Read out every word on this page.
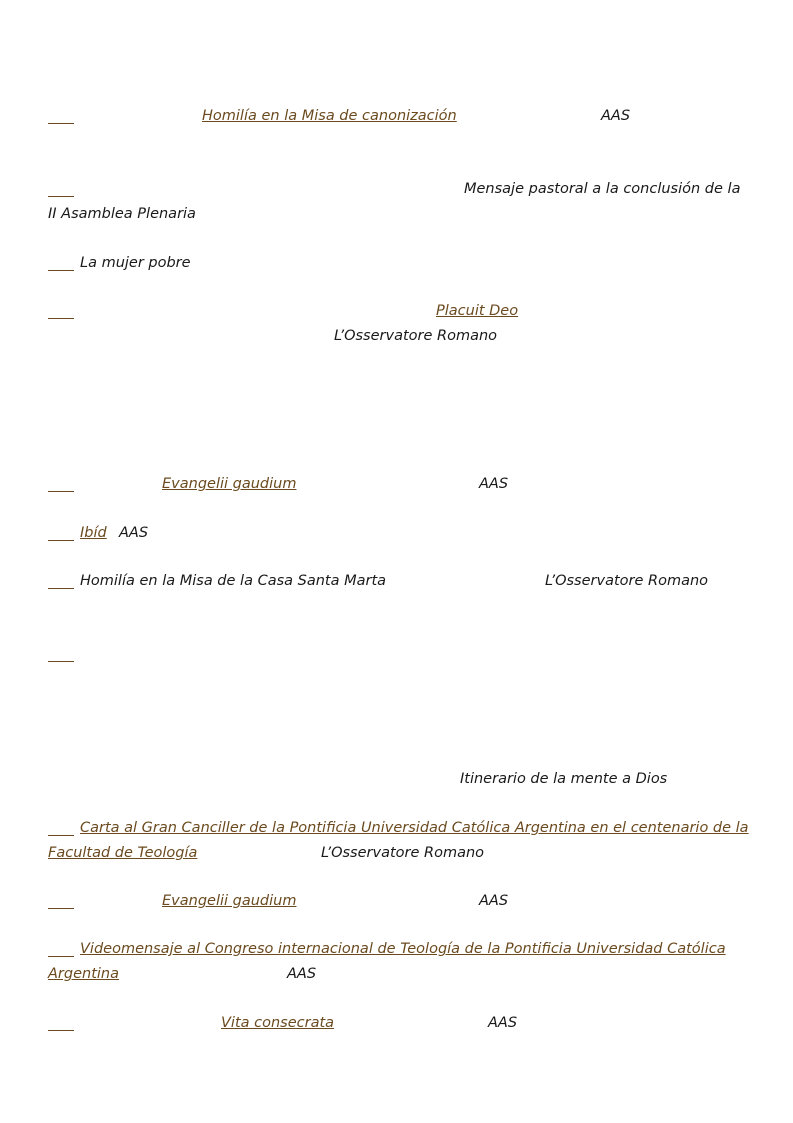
Homilía en la Misa de canonización	AAS
Mensaje pastoral a la conclusión de la
II Asamblea Plenaria
La mujer pobre
Placuit Deo
L’Osservatore Romano
Evangelii gaudium	AAS
Ibíd AAS
Homilía en la Misa de la Casa Santa Marta	L’Osservatore Romano
Itinerario de la mente a Dios
Carta al Gran Canciller de la Pontificia Universidad Católica Argentina en el centenario de la
Facultad de Teología	L’Osservatore Romano
Evangelii gaudium	AAS
Videomensaje al Congreso internacional de Teología de la Pontificia Universidad Católica
Argentina	AAS
Vita consecrata	AAS
